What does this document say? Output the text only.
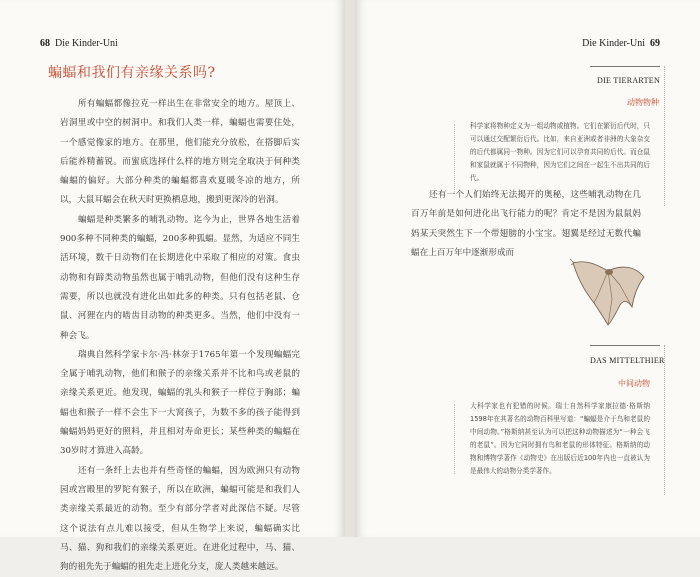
68 Die Kinder-Uni
蝙蝠和我们有亲缘关系吗?

所有蝙蝠都像拉克一样出生在非常安全的地方。屋顶上、岩洞里或中空的树洞中。和我们人类一样，蝙蝠也需要住处，一个感觉像家的地方。在那里，他们能充分放松，在搭脚后实后能养精蓄锐。而蜜底选择什么样的地方则完全取决于何种类蝙蝠的偏好。大部分种类的蝙蝠都喜欢夏暖冬凉的地方，所以，大鼠耳蝠会在秋天时更换栖息地，搬到更深冷的岩洞。

蝙蝠是种类繁多的哺乳动物。迄今为止，世界各地生活着900多种不同种类的蝙蝠，200多种狐蝠。显然，为适应不同生活环境，数千日动物们在长期进化中采取了相应的对策。食虫动物和有蹄类动物虽然也属于哺乳动物，但他们没有这种生存需要，所以也就没有进化出如此多的种类。只有包括老鼠、仓鼠、河狸在内的啮齿目动物的种类更多。当然，他们中没有一种会飞。

瑞典自然科学家卡尔·冯·林奈于1765年第一个发现蝙蝠完全属于哺乳动物，他们和猴子的亲缘关系并不比和鸟或老鼠的亲缘关系更近。他发现，蝙蝠的乳头和猴子一样位于胸部；蝙蝠也和猴子一样不会生下一大窝孩子，为数不多的孩子能得到蝙蝠妈妈更好的照料，并且相对寿命更长；某些种类的蝙蝠在30岁时才算进入高龄。

还有一条纤上去也并有些奇怪的蝙蝠，因为欧洲只有动物园或宫殿里的罗陀有猴子，所以在欧洲，蝙蝠可能是和我们人类亲缘关系最近的动物。至少有部分学者对此深信不疑。尽管这个说法有点儿难以接受，但从生物学上来说，蝙蝠确实比马、猫、狗和我们的亲缘关系更近。在进化过程中，马、猫、狗的祖先先于蝙蝠的祖先走上进化分支，庞人类越来越远。

Die Kinder-Uni 69
DIE TIERARTEN
动物物种
科学家将物种定义为一组动物或植物。它们在繁衍后代时，只可以通过交配繁衍后代。比如，来自亚洲或者非洲的大象杂交的后代都属同一物种。因为它们可以孕育共同的后代。而仓鼠和家鼠就属于不同物种，因为它们之间在一起生不出共同的后代。

还有一个人们始终无法揭开的奥秘，这些哺乳动物在几百万年前是如何进化出飞行能力的呢？肯定不是因为鼠鼠妈妈某天突然生下一个带翅膀的小宝宝。翅翼是经过无数代蝙蝠在上百万年中逐渐形成而

DAS MITTELTHIER
中间动物
大科学家也有犯错的时候。瑞士自然科学家康拉德·格斯纳1598年在其著名的动物百科里写道：“蝙蝠是介于鸟和老鼠的中间动物。”格斯纳甚至认为可以把这种动物描述为“一种会飞的老鼠”。因为它同时拥有鸟和老鼠的形体特征。格斯纳的动物和博物学著作《动物史》在出版后近100年内也一直被认为是最伟大的动物分类学著作。
